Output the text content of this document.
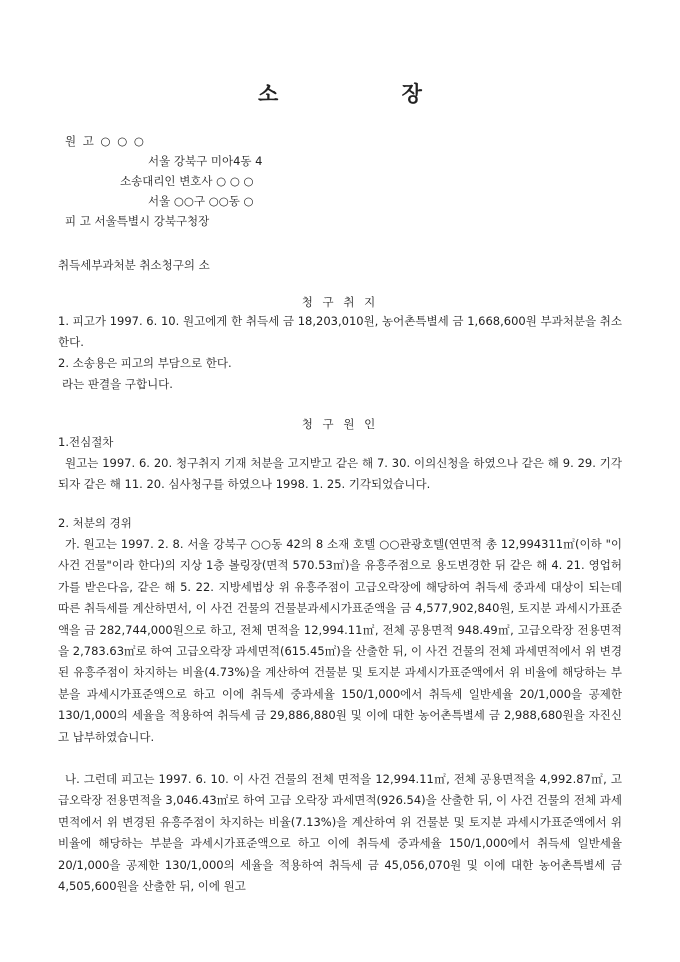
소 장
원 고 ○ ○ ○
서울 강북구 미아4동 4
소송대리인 변호사 ○ ○ ○
서울 ○○구 ○○동 ○
피 고 서울특별시 강북구청장
취득세부과처분 취소청구의 소
청 구 취 지
1. 피고가 1997. 6. 10. 원고에게 한 취득세 금 18,203,010원, 농어촌특별세 금 1,668,600원 부과처분을 취소한다.
2. 소송용은 피고의 부담으로 한다.
라는 판결을 구합니다.
청 구 원 인
1.전심절차
원고는 1997. 6. 20. 청구취지 기재 처분을 고지받고 같은 해 7. 30. 이의신청을 하였으나 같은 해 9. 29. 기각되자 같은 해 11. 20. 심사청구를 하였으나 1998. 1. 25. 기각되었습니다.
2. 처분의 경위
가. 원고는 1997. 2. 8. 서울 강북구 ○○동 42의 8 소재 호텔 ○○관광호텔(연면적 총 12,994311㎡(이하 "이 사건 건물"이라 한다)의 지상 1층 볼링장(면적 570.53㎡)을 유흥주점으로 용도변경한 뒤 같은 해 4. 21. 영업허가를 받은다음, 같은 해 5. 22. 지방세법상 위 유흥주점이 고급오락장에 해당하여 취득세 중과세 대상이 되는데 따른 취득세를 계산하면서, 이 사건 건물의 건물분과세시가표준액을 금 4,577,902,840원, 토지분 과세시가표준액을 금 282,744,000원으로 하고, 전체 면적을 12,994.11㎡, 전체 공용면적 948.49㎡, 고급오락장 전용면적을 2,783.63㎡로 하여 고급오락장 과세면적(615.45㎡)을 산출한 뒤, 이 사건 건물의 전체 과세면적에서 위 변경된 유흥주점이 차지하는 비율(4.73%)을 계산하여 건물분 및 토지분 과세시가표준액에서 위 비율에 해당하는 부분을 과세시가표준액으로 하고 이에 취득세 중과세율 150/1,000에서 취득세 일반세율 20/1,000을 공제한 130/1,000의 세율을 적용하여 취득세 금 29,886,880원 및 이에 대한 농어촌특별세 금 2,988,680원을 자진신고 납부하였습니다.
나. 그런데 피고는 1997. 6. 10. 이 사건 건물의 전체 면적을 12,994.11㎡, 전체 공용면적을 4,992.87㎡, 고급오락장 전용면적을 3,046.43㎡로 하여 고급 오락장 과세면적(926.54)을 산출한 뒤, 이 사건 건물의 전체 과세면적에서 위 변경된 유흥주점이 차지하는 비율(7.13%)을 계산하여 위 건물분 및 토지분 과세시가표준액에서 위 비율에 해당하는 부분을 과세시가표준액으로 하고 이에 취득세 중과세율 150/1,000에서 취득세 일반세율 20/1,000을 공제한 130/1,000의 세율을 적용하여 취득세 금 45,056,070원 및 이에 대한 농어촌특별세 금 4,505,600원을 산출한 뒤, 이에 원고
